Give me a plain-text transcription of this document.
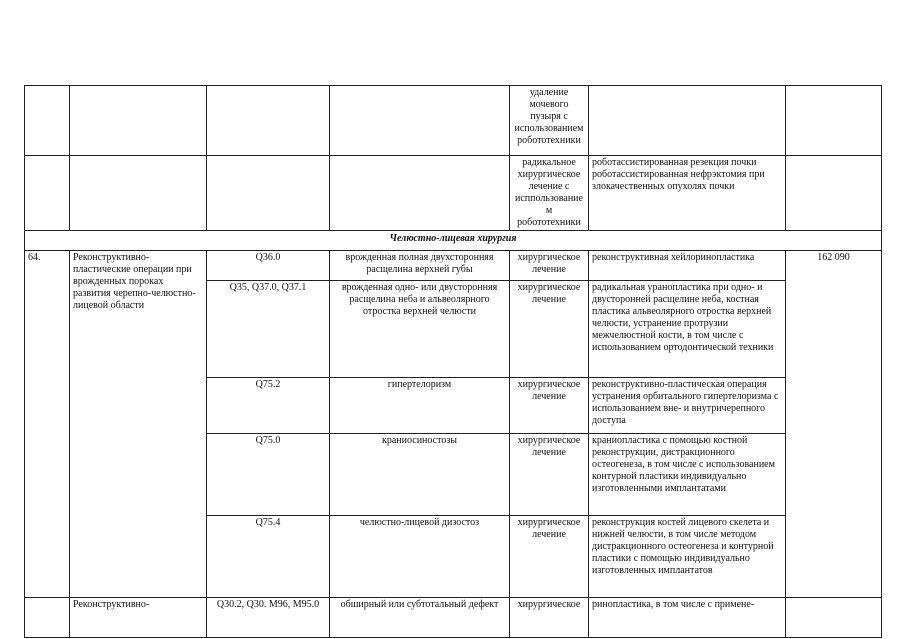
				удаление мочевого пузыря с использованием робототехники		
				радикальное хирургическое лечение с исппользованием робототехники	роботассистированная резекция почки роботассистированная нефрэктомия при злокачественных опухолях почки	
Челюстно-лицевая хирургия						
64.	Реконструктивно-пластические операции при врожденных пороках развития черепно-челюстно-лицевой области	Q36.0	врожденная полная двухсторонняя расщелина верхней губы	хирургическое лечение	реконструктивная хейлоринопластика	162 090
		Q35, Q37.0, Q37.1	врожденная одно- или двусторонняя расщелина неба и альвеолярного отростка верхней челюсти	хирургическое лечение	радикальная уранопластика при одно- и двусторонней расщелине неба, костная пластика альвеолярного отростка верхней челюсти, устранение протрузии межчелюстной кости, в том числе с использованием ортодонтической техники	
		Q75.2	гипертелоризм	хирургическое лечение	реконструктивно-пластическая операция устранения орбитального гипертелоризма с использованием вне- и внутричерепного доступа	
		Q75.0	краниосиностозы	хирургическое лечение	краниопластика с помощью костной реконструкции, дистракционного остеогенеза, в том числе с использованием контурной пластики индивидуально изготовленными имплантатами	
		Q75.4	челюстно-лицевой дизостоз	хирургическое лечение	реконструкция костей лицевого скелета и нижней челюсти, в том числе методом дистракционного остеогенеза и контурной пластики с помощью индивидуально изготовленных имплантатов	
	Реконструктивно-	Q30.2, Q30. M96, M95.0	обширный или субтотальный дефект	хирургическое	ринопластика, в том числе с примене-	
